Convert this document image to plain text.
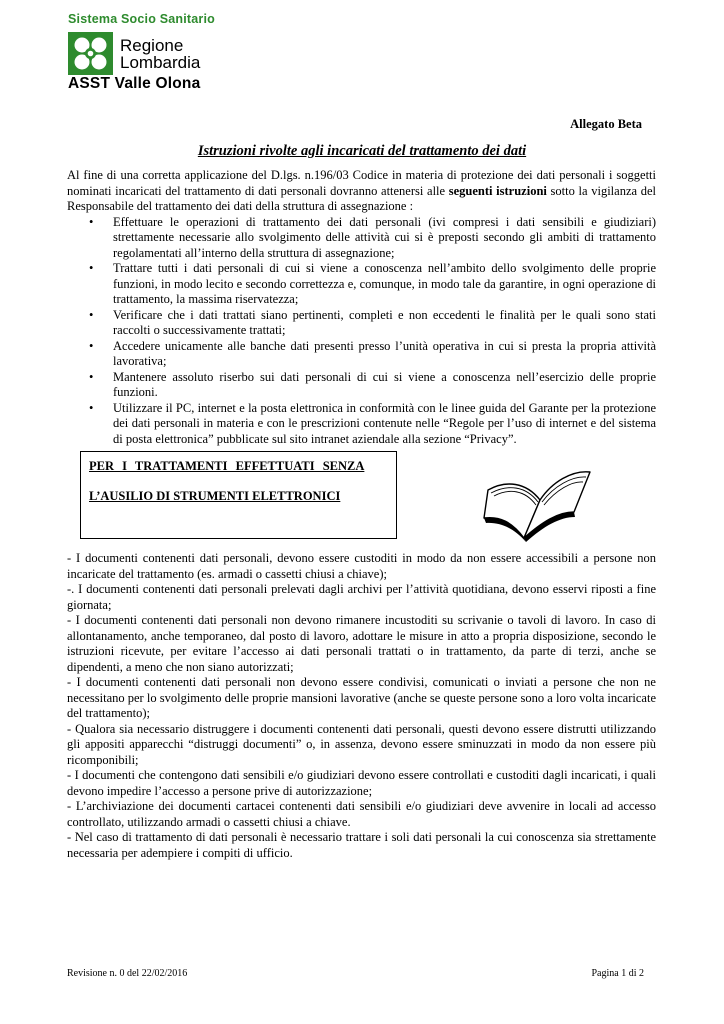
Sistema Socio Sanitario
Regione
Lombardia
ASST Valle Olona
Allegato Beta
Istruzioni rivolte agli incaricati del trattamento dei dati

Al fine di una corretta applicazione del D.lgs. n.196/03 Codice in materia di protezione dei dati personali i soggetti nominati incaricati del trattamento di dati personali dovranno attenersi alle seguenti istruzioni sotto la vigilanza del Responsabile del trattamento dei dati della struttura di assegnazione :

• Effettuare le operazioni di trattamento dei dati personali (ivi compresi i dati sensibili e giudiziari) strettamente necessarie allo svolgimento delle attività cui si è preposti secondo gli ambiti di trattamento regolamentati all’interno della struttura di assegnazione;
• Trattare tutti i dati personali di cui si viene a conoscenza nell’ambito dello svolgimento delle proprie funzioni, in modo lecito e secondo correttezza e, comunque, in modo tale da garantire, in ogni operazione di trattamento, la massima riservatezza;
• Verificare che i dati trattati siano pertinenti, completi e non eccedenti le finalità per le quali sono stati raccolti o successivamente trattati;
• Accedere unicamente alle banche dati presenti presso l’unità operativa in cui si presta la propria attività lavorativa;
• Mantenere assoluto riserbo sui dati personali di cui si viene a conoscenza nell’esercizio delle proprie funzioni.
• Utilizzare il PC, internet e la posta elettronica in conformità con le linee guida del Garante per la protezione dei dati personali in materia e con le prescrizioni contenute nelle “Regole per l’uso di internet e del sistema di posta elettronica” pubblicate sul sito intranet aziendale alla sezione “Privacy”.
PER I TRATTAMENTI EFFETTUATI SENZA
L’AUSILIO DI STRUMENTI ELETTRONICI

- I documenti contenenti dati personali, devono essere custoditi in modo da non essere accessibili a persone non incaricate del trattamento (es. armadi o cassetti chiusi a chiave);

-. I documenti contenenti dati personali prelevati dagli archivi per l’attività quotidiana, devono esservi riposti a fine giornata;

- I documenti contenenti dati personali non devono rimanere incustoditi su scrivanie o tavoli di lavoro. In caso di allontanamento, anche temporaneo, dal posto di lavoro, adottare le misure in atto a propria disposizione, secondo le istruzioni ricevute, per evitare l’accesso ai dati personali trattati o in trattamento, da parte di terzi, anche se dipendenti, a meno che non siano autorizzati;

- I documenti contenenti dati personali non devono essere condivisi, comunicati o inviati a persone che non ne necessitano per lo svolgimento delle proprie mansioni lavorative (anche se queste persone sono a loro volta incaricate del trattamento);

- Qualora sia necessario distruggere i documenti contenenti dati personali, questi devono essere distrutti utilizzando gli appositi apparecchi “distruggi documenti” o, in assenza, devono essere sminuzzati in modo da non essere più ricomponibili;

- I documenti che contengono dati sensibili e/o giudiziari devono essere controllati e custoditi dagli incaricati, i quali devono impedire l’accesso a persone prive di autorizzazione;

- L’archiviazione dei documenti cartacei contenenti dati sensibili e/o giudiziari deve avvenire in locali ad accesso controllato, utilizzando armadi o cassetti chiusi a chiave.

- Nel caso di trattamento di dati personali è necessario trattare i soli dati personali la cui conoscenza sia strettamente necessaria per adempiere i compiti di ufficio.

Revisione n. 0 del 22/02/2016	Pagina 1 di 2
